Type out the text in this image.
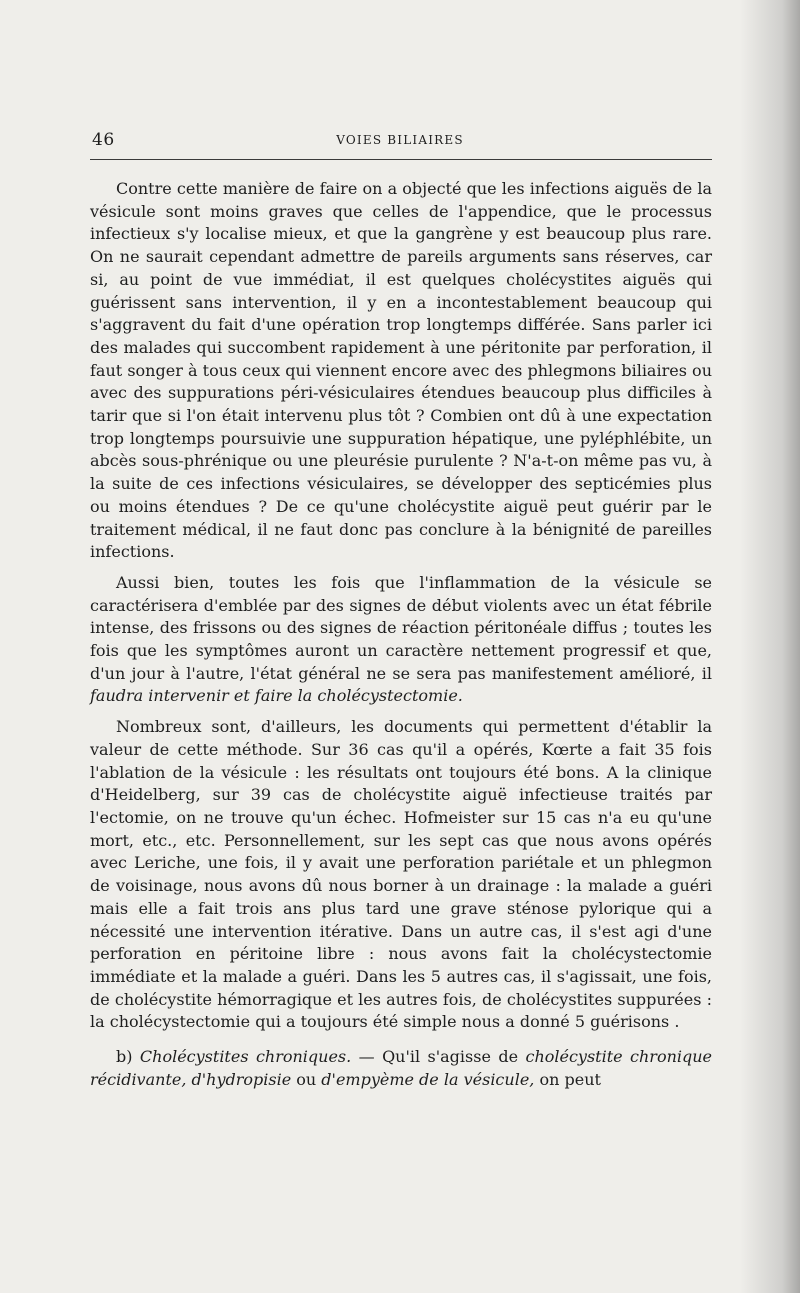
46	VOIES BILIAIRES

Contre cette manière de faire on a objecté que les infections aiguës de la vésicule sont moins graves que celles de l'appendice, que le processus infectieux s'y localise mieux, et que la gangrène y est beaucoup plus rare. On ne saurait cependant admettre de pareils arguments sans réserves, car si, au point de vue immédiat, il est quelques cholécystites aiguës qui guérissent sans intervention, il y en a incontestablement beaucoup qui s'aggravent du fait d'une opération trop longtemps différée. Sans parler ici des malades qui succombent rapidement à une péritonite par perforation, il faut songer à tous ceux qui viennent encore avec des phlegmons biliaires ou avec des suppurations péri-vésiculaires étendues beaucoup plus difficiles à tarir que si l'on était intervenu plus tôt ? Combien ont dû à une expectation trop longtemps poursuivie une suppuration hépatique, une pyléphlébite, un abcès sous-phrénique ou une pleurésie purulente ? N'a-t-on même pas vu, à la suite de ces infections vésiculaires, se développer des septicémies plus ou moins étendues ? De ce qu'une cholécystite aiguë peut guérir par le traitement médical, il ne faut donc pas conclure à la bénignité de pareilles infections.

Aussi bien, toutes les fois que l'inflammation de la vésicule se caractérisera d'emblée par des signes de début violents avec un état fébrile intense, des frissons ou des signes de réaction péritonéale diffus ; toutes les fois que les symptômes auront un caractère nettement progressif et que, d'un jour à l'autre, l'état général ne se sera pas manifestement amélioré, il faudra intervenir et faire la cholécystectomie.

Nombreux sont, d'ailleurs, les documents qui permettent d'établir la valeur de cette méthode. Sur 36 cas qu'il a opérés, Kœrte a fait 35 fois l'ablation de la vésicule : les résultats ont toujours été bons. A la clinique d'Heidelberg, sur 39 cas de cholécystite aiguë infectieuse traités par l'ectomie, on ne trouve qu'un échec. Hofmeister sur 15 cas n'a eu qu'une mort, etc., etc. Personnellement, sur les sept cas que nous avons opérés avec Leriche, une fois, il y avait une perforation pariétale et un phlegmon de voisinage, nous avons dû nous borner à un drainage : la malade a guéri mais elle a fait trois ans plus tard une grave sténose pylorique qui a nécessité une intervention itérative. Dans un autre cas, il s'est agi d'une perforation en péritoine libre : nous avons fait la cholécystectomie immédiate et la malade a guéri. Dans les 5 autres cas, il s'agissait, une fois, de cholécystite hémorragique et les autres fois, de cholécystites suppurées : la cholécystectomie qui a toujours été simple nous a donné 5 guérisons .

b) Cholécystites chroniques. — Qu'il s'agisse de cholécystite chronique récidivante, d'hydropisie ou d'empyème de la vésicule, on peut
